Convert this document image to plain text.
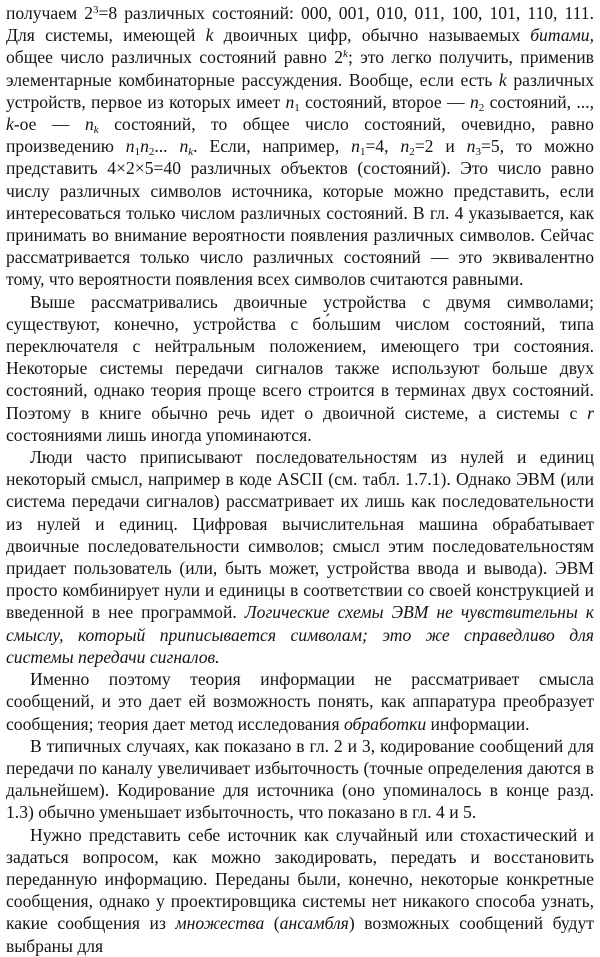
получаем $2^3=8$ различных состояний: 000, 001, 010, 011, 100, 101, 110, 111. Для системы, имеющей k двоичных цифр, обычно называемых битами, общее число различных состояний равно 2$^k$; это легко получить, применив элементарные комбинаторные рассуждения. Вообще, если есть k различных устройств, первое из которых имеет $n_1$ состояний, второе — $n_2$ состояний, ..., k-ое — $n_k$ состояний, то общее число состояний, очевидно, равно произведению $n_1n_2$... $n_k$. Если, например, $n_1=4$, $n_2=2$ и $n_3=5$, то можно представить 4×2×5=40 различных объектов (состояний). Это число равно числу различных символов источника, которые можно представить, если интересоваться только числом различных состояний. В гл. 4 указывается, как принимать во внимание вероятности появления различных символов. Сейчас рассматривается только число различных состояний — это эквивалентно тому, что вероятности появления всех символов считаются равными.

Выше рассматривались двоичные устройства с двумя символами; существуют, конечно, устройства с бо́льшим числом состояний, типа переключателя с нейтральным положением, имеющего три состояния. Некоторые системы передачи сигналов также используют больше двух состояний, однако теория проще всего строится в терминах двух состояний. Поэтому в книге обычно речь идет о двоичной системе, а системы с r состояниями лишь иногда упоминаются.

Люди часто приписывают последовательностям из нулей и единиц некоторый смысл, например в коде ASCII (см. табл. 1.7.1). Однако ЭВМ (или система передачи сигналов) рассматривает их лишь как последовательности из нулей и единиц. Цифровая вычислительная машина обрабатывает двоичные последовательности символов; смысл этим последовательностям придает пользователь (или, быть может, устройства ввода и вывода). ЭВМ просто комбинирует нули и единицы в соответствии со своей конструкцией и введенной в нее программой. Логические схемы ЭВМ не чувствительны к смыслу, который приписывается символам; это же справедливо для системы передачи сигналов.

Именно поэтому теория информации не рассматривает смысла сообщений, и это дает ей возможность понять, как аппаратура преобразует сообщения; теория дает метод исследования обработки информации.

В типичных случаях, как показано в гл. 2 и 3, кодирование сообщений для передачи по каналу увеличивает избыточность (точные определения даются в дальнейшем). Кодирование для источника (оно упоминалось в конце разд. 1.3) обычно уменьшает избыточность, что показано в гл. 4 и 5.

Нужно представить себе источник как случайный или стохастический и задаться вопросом, как можно закодировать, передать и восстановить переданную информацию. Переданы были, конечно, некоторые конкретные сообщения, однако у проектировщика системы нет никакого способа узнать, какие сообщения из множества (ансамбля) возможных сообщений будут выбраны для
